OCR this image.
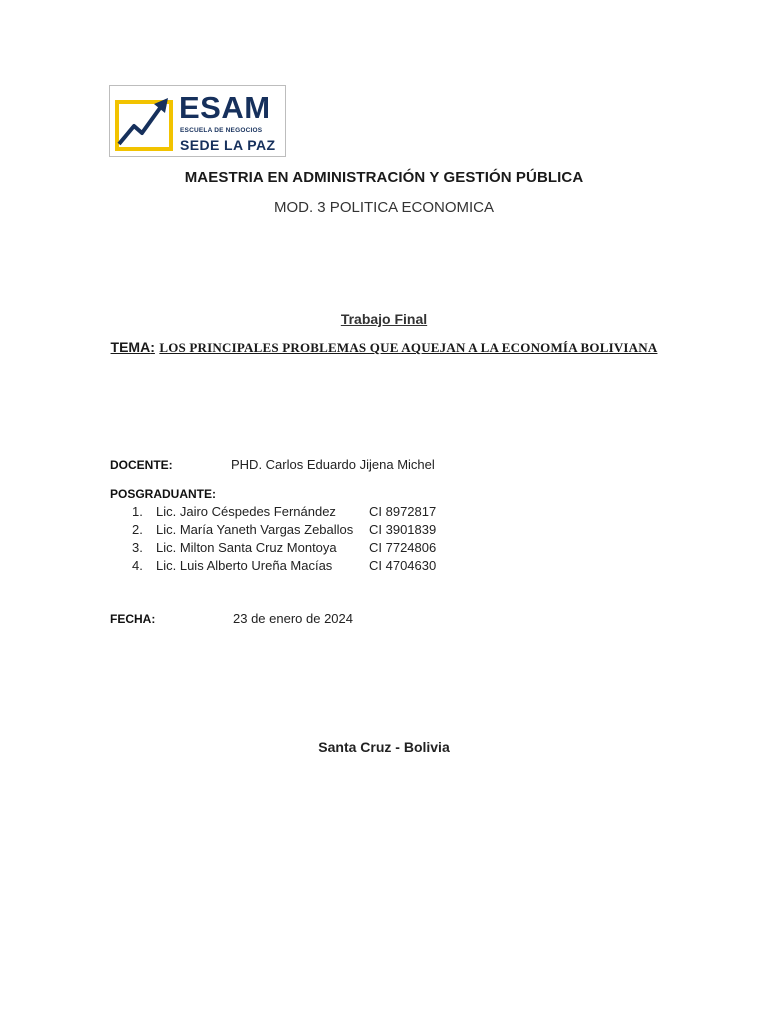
ESAM
ESCUELA DE NEGOCIOS
SEDE LA PAZ
MAESTRIA EN ADMINISTRACIÓN Y GESTIÓN PÚBLICA
MOD. 3 POLITICA ECONOMICA
Trabajo Final
TEMA: LOS PRINCIPALES PROBLEMAS QUE AQUEJAN A LA ECONOMÍA BOLIVIANA
DOCENTE:	PHD. Carlos Eduardo Jijena Michel
POSGRADUANTE:
1. Lic. Jairo Céspedes Fernández	CI 8972817
2. Lic. María Yaneth Vargas Zeballos CI 3901839
3. Lic. Milton Santa Cruz Montoya CI 7724806
4. Lic. Luis Alberto Ureña Macías	CI 4704630
FECHA:	23 de enero de 2024
Santa Cruz - Bolivia
